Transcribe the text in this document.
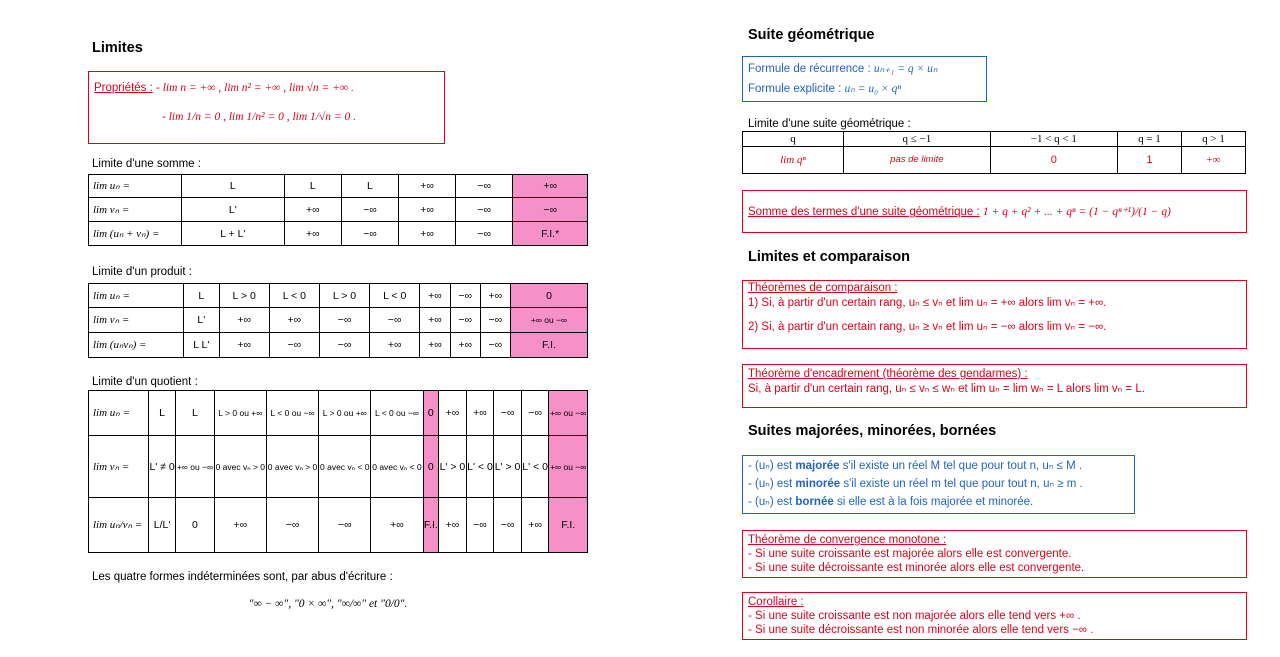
Limites
Propriétés : - lim n = +∞ , lim n² = +∞ , lim √n = +∞ .
- lim 1/n = 0 , lim 1/n² = 0 , lim 1/√n = 0 .
Limite d'une somme :
lim uₙ =	L	L	L	+∞	−∞	+∞
lim vₙ =	L'	+∞	−∞	+∞	−∞	−∞
lim (uₙ + vₙ) =	L + L'	+∞	−∞	+∞	−∞	F.I.*
Limite d'un produit :
lim uₙ =	L	L > 0	L < 0	L > 0	L < 0	+∞	−∞	+∞	0
lim vₙ =	L'	+∞	+∞	−∞	−∞	+∞	−∞	−∞	+∞ ou −∞
lim (uₙvₙ) =	L L'	+∞	−∞	−∞	+∞	+∞	+∞	−∞	F.I.
Limite d'un quotient :
lim uₙ =	L	L	L > 0 ou +∞	L < 0 ou −∞	L > 0 ou +∞	L < 0 ou −∞	0	+∞	+∞	−∞	−∞	+∞ ou −∞
lim vₙ =	L' ≠ 0	+∞ ou −∞	0 avec vₙ > 0	0 avec vₙ > 0	0 avec vₙ < 0	0 avec vₙ < 0	0	L' > 0	L' < 0	L' > 0	L' < 0	+∞ ou −∞
lim uₙ/vₙ =	L/L'	0	+∞	−∞	−∞	+∞	F.I.	+∞	−∞	−∞	+∞	F.I.
Les quatre formes indéterminées sont, par abus d'écriture :
"∞ − ∞", "0 × ∞", "∞/∞" et "0/0".
Suite géométrique
Formule de récurrence : uₙ₊₁ = q × uₙ
Formule explicite : uₙ = u₀ × qⁿ
Limite d'une suite géométrique :
q	q ≤ −1	−1 < q < 1	q = 1	q > 1
lim qⁿ	pas de limite	0	1	+∞
Somme des termes d'une suite géométrique : 1 + q + q² + ... + qⁿ = (1 − qⁿ⁺¹)/(1 − q)
Limites et comparaison
Théorèmes de comparaison :
1) Si, à partir d'un certain rang, uₙ ≤ vₙ et lim uₙ = +∞ alors lim vₙ = +∞.
2) Si, à partir d'un certain rang, uₙ ≥ vₙ et lim uₙ = −∞ alors lim vₙ = −∞.
Théorème d'encadrement (théorème des gendarmes) :
Si, à partir d'un certain rang, uₙ ≤ vₙ ≤ wₙ et lim uₙ = lim wₙ = L alors lim vₙ = L.
Suites majorées, minorées, bornées
- (uₙ) est majorée s'il existe un réel M tel que pour tout n, uₙ ≤ M .
- (uₙ) est minorée s'il existe un réel m tel que pour tout n, uₙ ≥ m .
- (uₙ) est bornée si elle est à la fois majorée et minorée.
Théorème de convergence monotone :
- Si une suite croissante est majorée alors elle est convergente.
- Si une suite décroissante est minorée alors elle est convergente.
Corollaire :
- Si une suite croissante est non majorée alors elle tend vers +∞ .
- Si une suite décroissante est non minorée alors elle tend vers −∞ .
